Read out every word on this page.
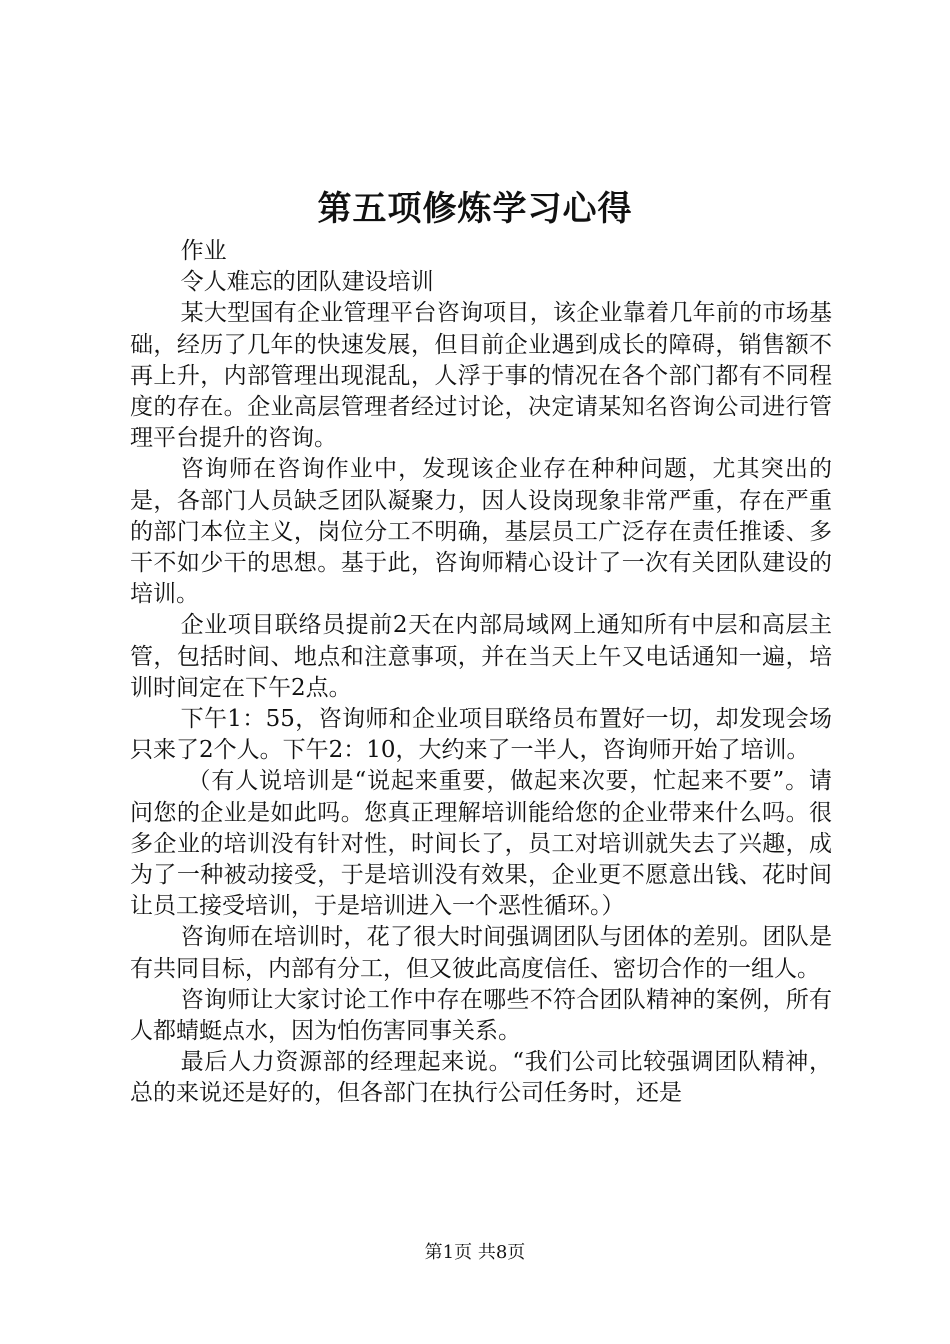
第五项修炼学习心得

作业

令人难忘的团队建设培训

某大型国有企业管理平台咨询项目，该企业靠着几年前的市场基础，经历了几年的快速发展，但目前企业遇到成长的障碍，销售额不再上升，内部管理出现混乱，人浮于事的情况在各个部门都有不同程度的存在。企业高层管理者经过讨论，决定请某知名咨询公司进行管理平台提升的咨询。

咨询师在咨询作业中，发现该企业存在种种问题，尤其突出的是，各部门人员缺乏团队凝聚力，因人设岗现象非常严重，存在严重的部门本位主义，岗位分工不明确，基层员工广泛存在责任推诿、多干不如少干的思想。基于此，咨询师精心设计了一次有关团队建设的培训。

企业项目联络员提前2天在内部局域网上通知所有中层和高层主管，包括时间、地点和注意事项，并在当天上午又电话通知一遍，培训时间定在下午2点。

下午1：55，咨询师和企业项目联络员布置好一切，却发现会场只来了2个人。下午2：10，大约来了一半人，咨询师开始了培训。

（有人说培训是“说起来重要，做起来次要，忙起来不要”。请问您的企业是如此吗。您真正理解培训能给您的企业带来什么吗。很多企业的培训没有针对性，时间长了，员工对培训就失去了兴趣，成为了一种被动接受，于是培训没有效果，企业更不愿意出钱、花时间让员工接受培训，于是培训进入一个恶性循环。）

咨询师在培训时，花了很大时间强调团队与团体的差别。团队是有共同目标，内部有分工，但又彼此高度信任、密切合作的一组人。

咨询师让大家讨论工作中存在哪些不符合团队精神的案例，所有人都蜻蜓点水，因为怕伤害同事关系。

最后人力资源部的经理起来说。“我们公司比较强调团队精神，总的来说还是好的，但各部门在执行公司任务时，还是

第1页 共8页
